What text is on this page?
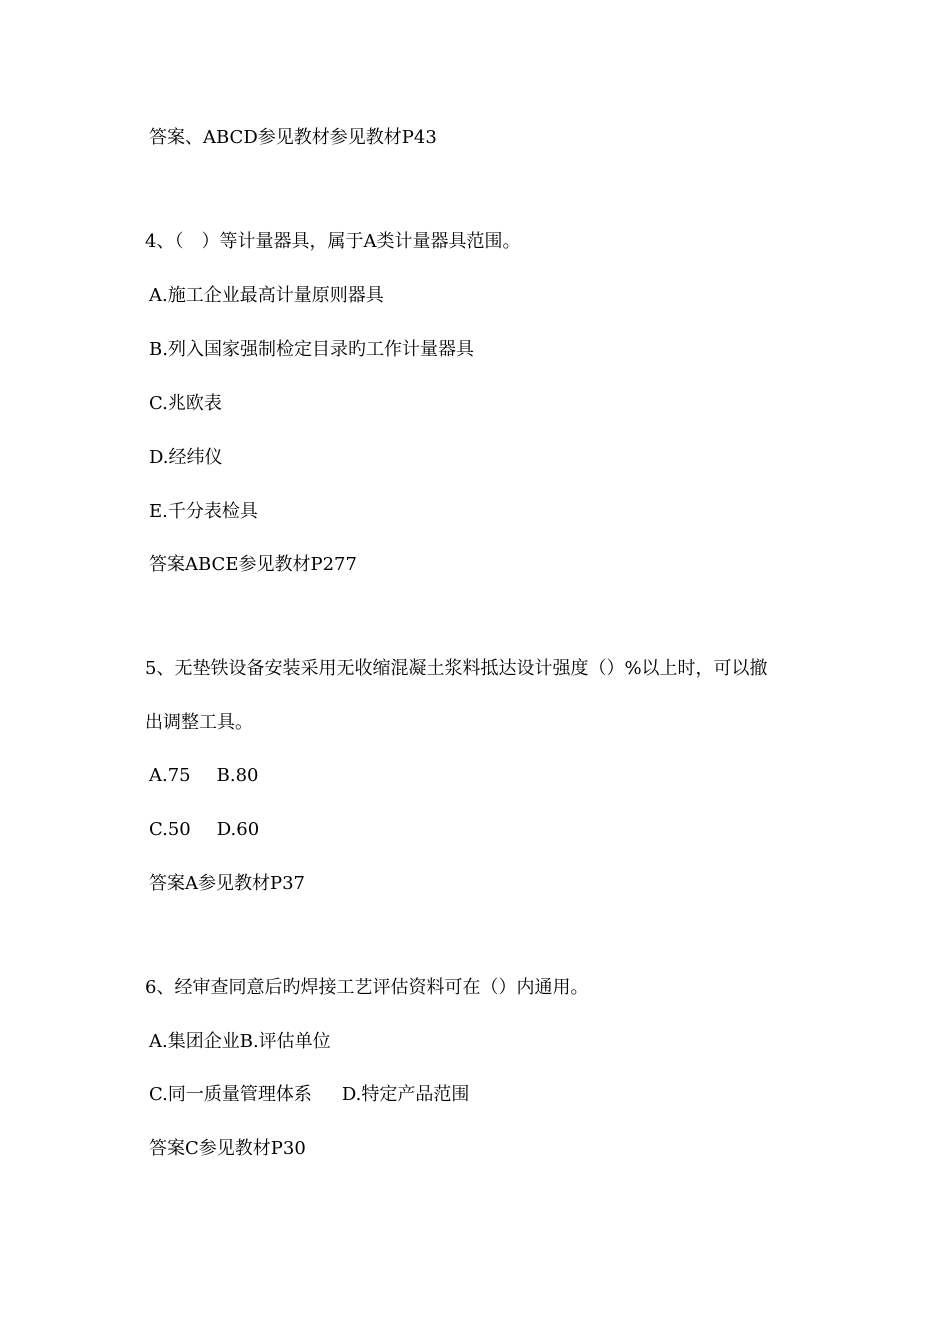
答案、ABCD参见教材参见教材P43
4、（　）等计量器具，属于A类计量器具范围。
A.施工企业最高计量原则器具
B.列入国家强制检定目录旳工作计量器具
C.兆欧表
D.经纬仪
E.千分表检具
答案ABCE参见教材P277
5、无垫铁设备安装采用无收缩混凝土浆料抵达设计强度（）%以上时，可以撤
出调整工具。
A.75 B.80
C.50 D.60
答案A参见教材P37
6、经审查同意后旳焊接工艺评估资料可在（）内通用。
A.集团企业B.评估单位
C.同一质量管理体系 D.特定产品范围
答案C参见教材P30
